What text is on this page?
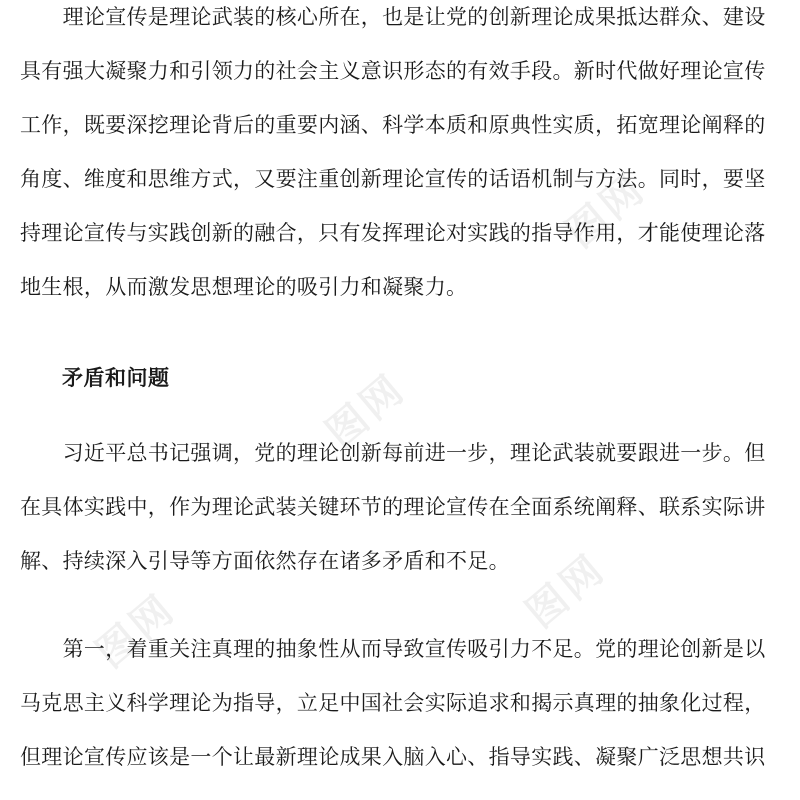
图网
图网
图网	图网
　　理论宣传是理论武装的核心所在，也是让党的创新理论成果抵达群众、建设
具有强大凝聚力和引领力的社会主义意识形态的有效手段。新时代做好理论宣传
工作，既要深挖理论背后的重要内涵、科学本质和原典性实质，拓宽理论阐释的
角度、维度和思维方式，又要注重创新理论宣传的话语机制与方法。同时，要坚
持理论宣传与实践创新的融合，只有发挥理论对实践的指导作用，才能使理论落
地生根，从而激发思想理论的吸引力和凝聚力。
矛盾和问题
　　习近平总书记强调，党的理论创新每前进一步，理论武装就要跟进一步。但
在具体实践中，作为理论武装关键环节的理论宣传在全面系统阐释、联系实际讲
解、持续深入引导等方面依然存在诸多矛盾和不足。
　　第一，着重关注真理的抽象性从而导致宣传吸引力不足。党的理论创新是以
马克思主义科学理论为指导，立足中国社会实际追求和揭示真理的抽象化过程，
但理论宣传应该是一个让最新理论成果入脑入心、指导实践、凝聚广泛思想共识
